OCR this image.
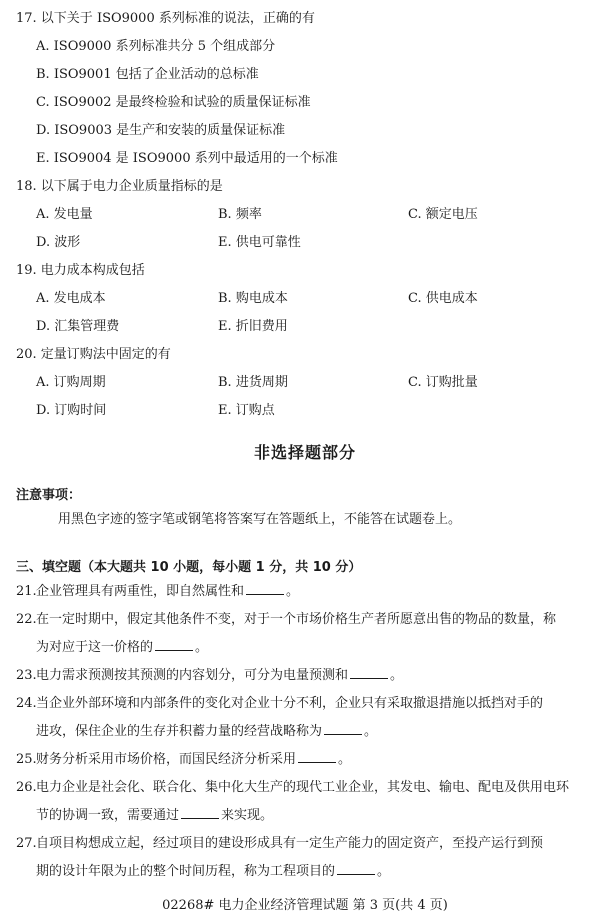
17. 以下关于 ISO9000 系列标准的说法，正确的有
A. ISO9000 系列标准共分 5 个组成部分
B. ISO9001 包括了企业活动的总标准
C. ISO9002 是最终检验和试验的质量保证标准
D. ISO9003 是生产和安装的质量保证标准
E. ISO9004 是 ISO9000 系列中最适用的一个标准
18. 以下属于电力企业质量指标的是
A. 发电量	B. 频率	C. 额定电压
D. 波形	E. 供电可靠性
19. 电力成本构成包括
A. 发电成本	B. 购电成本	C. 供电成本
D. 汇集管理费	E. 折旧费用
20. 定量订购法中固定的有
A. 订购周期	B. 进货周期	C. 订购批量
D. 订购时间	E. 订购点
非选择题部分
注意事项：
用黑色字迹的签字笔或钢笔将答案写在答题纸上，不能答在试题卷上。
三、填空题（本大题共 10 小题，每小题 1 分，共 10 分）
21.企业管理具有两重性，即自然属性和	。
22.在一定时期中，假定其他条件不变，对于一个市场价格生产者所愿意出售的物品的数量，称
为对应于这一价格的	。
23.电力需求预测按其预测的内容划分，可分为电量预测和	。
24.当企业外部环境和内部条件的变化对企业十分不利，企业只有采取撤退措施以抵挡对手的
进攻，保住企业的生存并积蓄力量的经营战略称为	。
25.财务分析采用市场价格，而国民经济分析采用	。
26.电力企业是社会化、联合化、集中化大生产的现代工业企业，其发电、输电、配电及供用电环
节的协调一致，需要通过	来实现。
27.自项目构想成立起，经过项目的建设形成具有一定生产能力的固定资产，至投产运行到预
期的设计年限为止的整个时间历程，称为工程项目的	。
02268# 电力企业经济管理试题 第 3 页(共 4 页)
